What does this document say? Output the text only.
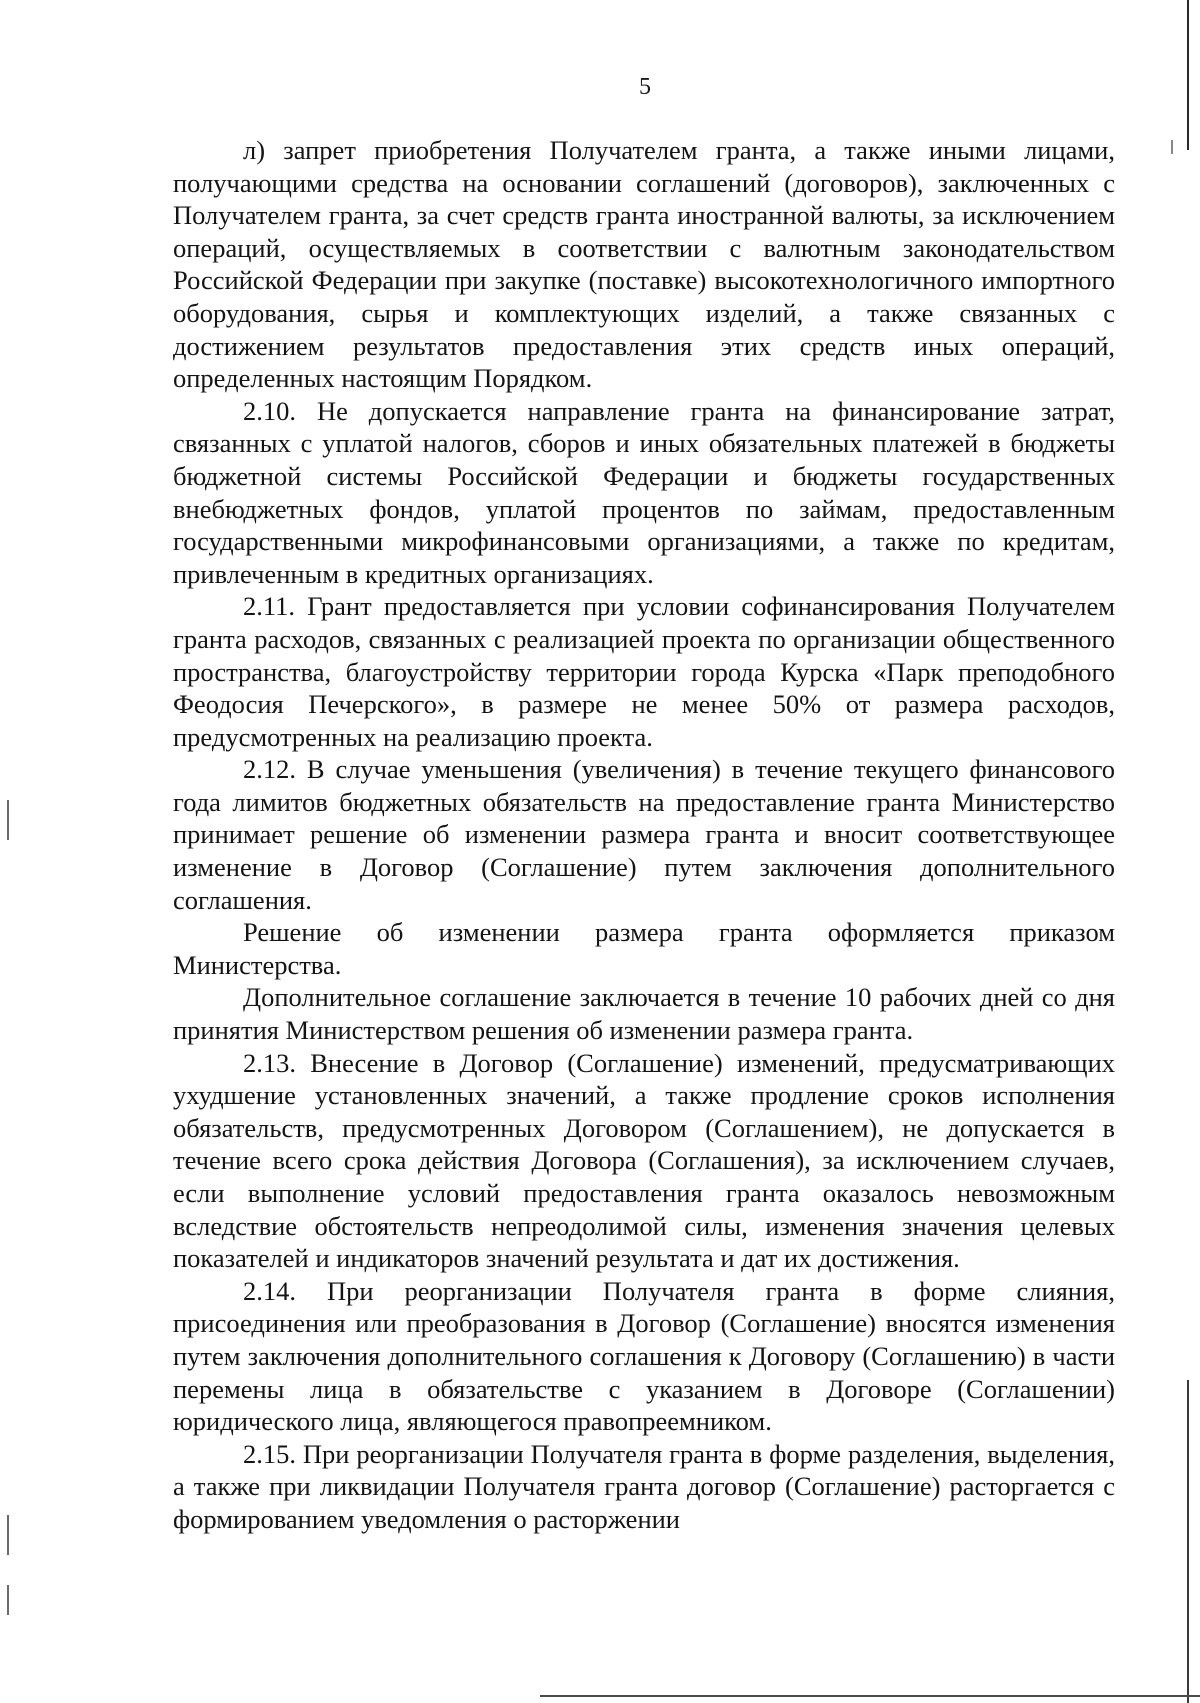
5

л) запрет приобретения Получателем гранта, а также иными лицами, получающими средства на основании соглашений (договоров), заключенных с Получателем гранта, за счет средств гранта иностранной валюты, за исключением операций, осуществляемых в соответствии с валютным законодательством Российской Федерации при закупке (поставке) высокотехнологичного импортного оборудования, сырья и комплектующих изделий, а также связанных с достижением результатов предоставления этих средств иных операций, определенных настоящим Порядком.

2.10. Не допускается направление гранта на финансирование затрат, связанных с уплатой налогов, сборов и иных обязательных платежей в бюджеты бюджетной системы Российской Федерации и бюджеты государственных внебюджетных фондов, уплатой процентов по займам, предоставленным государственными микрофинансовыми организациями, а также по кредитам, привлеченным в кредитных организациях.

2.11. Грант предоставляется при условии софинансирования Получателем гранта расходов, связанных с реализацией проекта по организации общественного пространства, благоустройству территории города Курска «Парк преподобного Феодосия Печерского», в размере не менее 50% от размера расходов, предусмотренных на реализацию проекта.

2.12. В случае уменьшения (увеличения) в течение текущего финансового года лимитов бюджетных обязательств на предоставление гранта Министерство принимает решение об изменении размера гранта и вносит соответствующее изменение в Договор (Соглашение) путем заключения дополнительного соглашения.

Решение об изменении размера гранта оформляется приказом Министерства.

Дополнительное соглашение заключается в течение 10 рабочих дней со дня принятия Министерством решения об изменении размера гранта.

2.13. Внесение в Договор (Соглашение) изменений, предусматривающих ухудшение установленных значений, а также продление сроков исполнения обязательств, предусмотренных Договором (Соглашением), не допускается в течение всего срока действия Договора (Соглашения), за исключением случаев, если выполнение условий предоставления гранта оказалось невозможным вследствие обстоятельств непреодолимой силы, изменения значения целевых показателей и индикаторов значений результата и дат их достижения.

2.14. При реорганизации Получателя гранта в форме слияния, присоединения или преобразования в Договор (Соглашение) вносятся изменения путем заключения дополнительного соглашения к Договору (Соглашению) в части перемены лица в обязательстве с указанием в Договоре (Соглашении) юридического лица, являющегося правопреемником.

2.15. При реорганизации Получателя гранта в форме разделения, выделения, а также при ликвидации Получателя гранта договор (Соглашение) расторгается с формированием уведомления о расторжении
